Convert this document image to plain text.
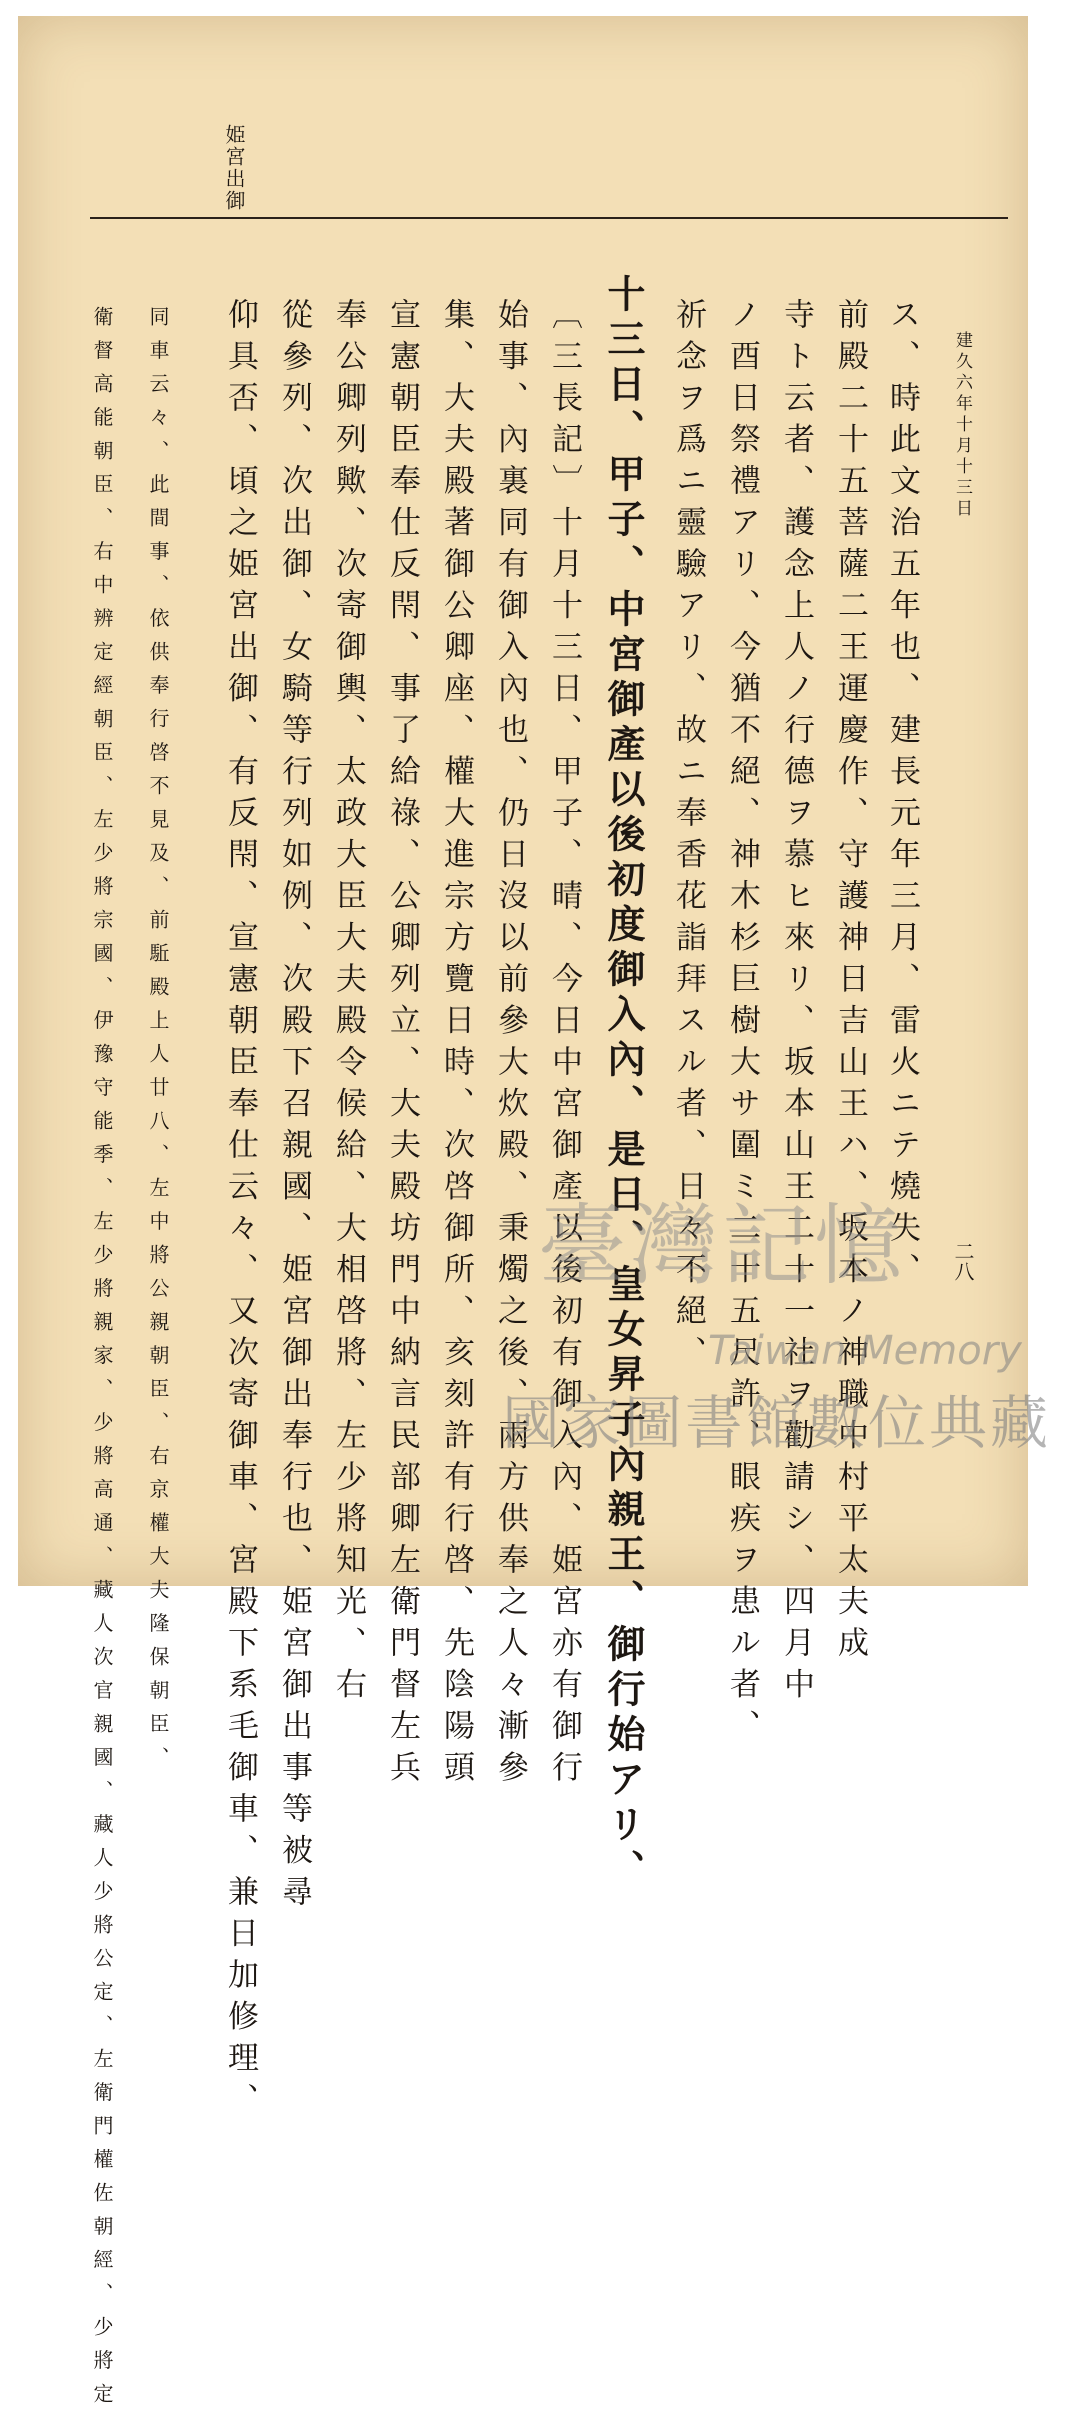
建久六年十月十三日
二八
姫宮出御
ス、時此文治五年也、建長元年三月、雷火ニテ燒失、
前殿二十五菩薩二王運慶作、守護神日吉山王ハ、坂本ノ神職中村平太夫成
寺ト云者、護念上人ノ行德ヲ慕ヒ來リ、坂本山王二十一社ヲ勸請シ、四月中
ノ酉日祭禮アリ、今猶不絕、神木杉巨樹大サ圍ミ二十五尺許、眼疾ヲ患ル者、
祈念ヲ爲ニ靈驗アリ、故ニ奉香花詣拜スル者、日々不絕、
十三日、甲子、中宮御產以後初度御入內、是日、皇女昇子內親王、御行始アリ、
〔三長記〕十月十三日、甲子、晴、今日中宮御產以後初有御入內、姫宮亦有御行
始事、內裏同有御入內也、仍日沒以前參大炊殿、秉燭之後、兩方供奉之人々漸參
集、大夫殿著御公卿座、權大進宗方覽日時、次啓御所、亥刻許有行啓、先陰陽頭
宣憲朝臣奉仕反閇、事了給祿、公卿列立、大夫殿坊門中納言民部卿左衛門督左兵
奉公卿列歟、次寄御輿、太政大臣大夫殿令候給、大相啓將、左少將知光、右
從參列、次出御、女騎等行列如例、次殿下召親國、姫宮御出奉行也、姫宮御出事等被尋
仰具否、頃之姫宮出御、有反閇、宣憲朝臣奉仕云々、又次寄御車、宮殿下系毛御車、兼日加修理、
同車云々、此間事、依供奉行啓不見及、前駈殿上人廿八、左中將公親朝臣、右京權大夫隆保朝臣、
衛督高能朝臣、右中辨定經朝臣、左少將宗國、伊豫守能季、左少將親家、少將高通、藏人次官親國、藏人少將公定、左衛門權佐朝經、少將定	臺灣記憶
Taiwan Memory
國家圖書館數位典藏
